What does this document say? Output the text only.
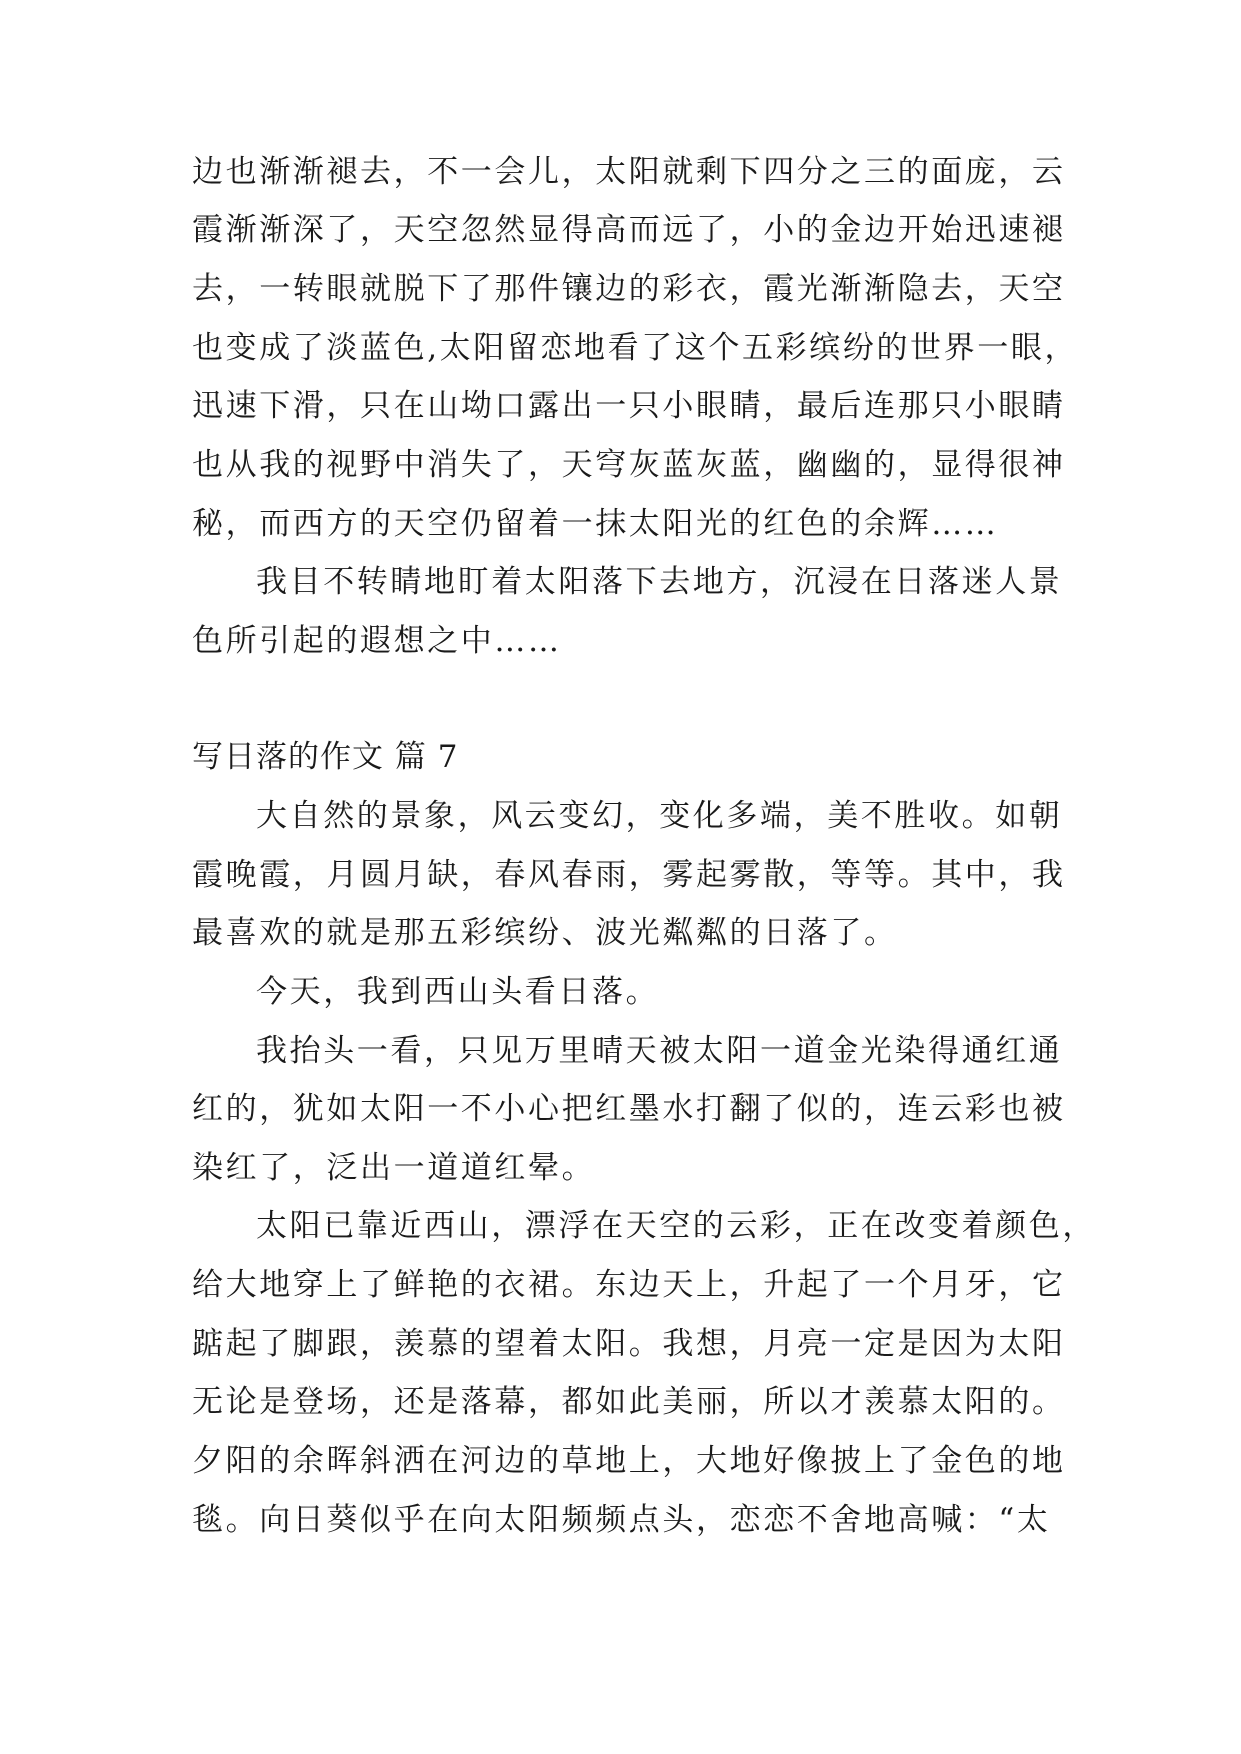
边也渐渐褪去，不一会儿，太阳就剩下四分之三的面庞，云
霞渐渐深了，天空忽然显得高而远了，小的金边开始迅速褪
去，一转眼就脱下了那件镶边的彩衣，霞光渐渐隐去，天空
也变成了淡蓝色,太阳留恋地看了这个五彩缤纷的世界一眼，
迅速下滑，只在山坳口露出一只小眼睛，最后连那只小眼睛
也从我的视野中消失了，天穹灰蓝灰蓝，幽幽的，显得很神
秘，而西方的天空仍留着一抹太阳光的红色的余辉……
我目不转睛地盯着太阳落下去地方，沉浸在日落迷人景
色所引起的遐想之中……
写日落的作文 篇 7
大自然的景象，风云变幻，变化多端，美不胜收。如朝
霞晚霞，月圆月缺，春风春雨，雾起雾散，等等。其中，我
最喜欢的就是那五彩缤纷、波光粼粼的日落了。
今天，我到西山头看日落。
我抬头一看，只见万里晴天被太阳一道金光染得通红通
红的，犹如太阳一不小心把红墨水打翻了似的，连云彩也被
染红了，泛出一道道红晕。
太阳已靠近西山，漂浮在天空的云彩，正在改变着颜色，
给大地穿上了鲜艳的衣裙。东边天上，升起了一个月牙，它
踮起了脚跟，羡慕的望着太阳。我想，月亮一定是因为太阳
无论是登场，还是落幕，都如此美丽，所以才羡慕太阳的。
夕阳的余晖斜洒在河边的草地上，大地好像披上了金色的地
毯。向日葵似乎在向太阳频频点头，恋恋不舍地高喊：“太
